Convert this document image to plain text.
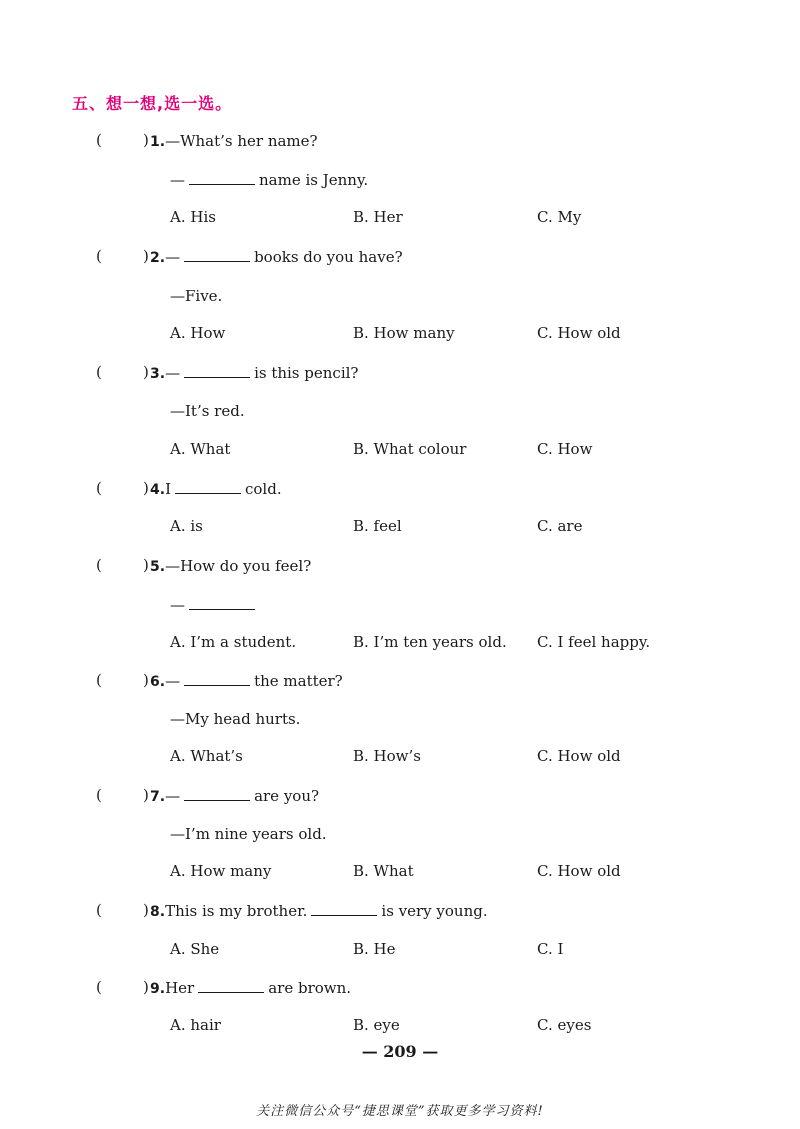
五、想一想,选一选。
(	) 1.—What’s her name?
—	name is Jenny.
A. His	B. Her	C. My
(	) 2.—	books do you have?
—Five.
A. How	B. How many	C. How old
(	) 3.—	is this pencil?
—It’s red.
A. What	B. What colour	C. How
(	) 4.I	cold.
A. is	B. feel	C. are
(	) 5.—How do you feel?
—
A. I’m a student.	B. I’m ten years old. C. I feel happy.
(	) 6.—	the matter?
—My head hurts.
A. What’s	B. How’s	C. How old
(	) 7.—	are you?
—I’m nine years old.
A. How many	B. What	C. How old
(	) 8.This is my brother.	is very young.
A. She	B. He	C. I
(	) 9.Her	are brown.
A. hair	B. eye	C. eyes
— 209 —
关注微信公众号“捷思课堂”获取更多学习资料!
